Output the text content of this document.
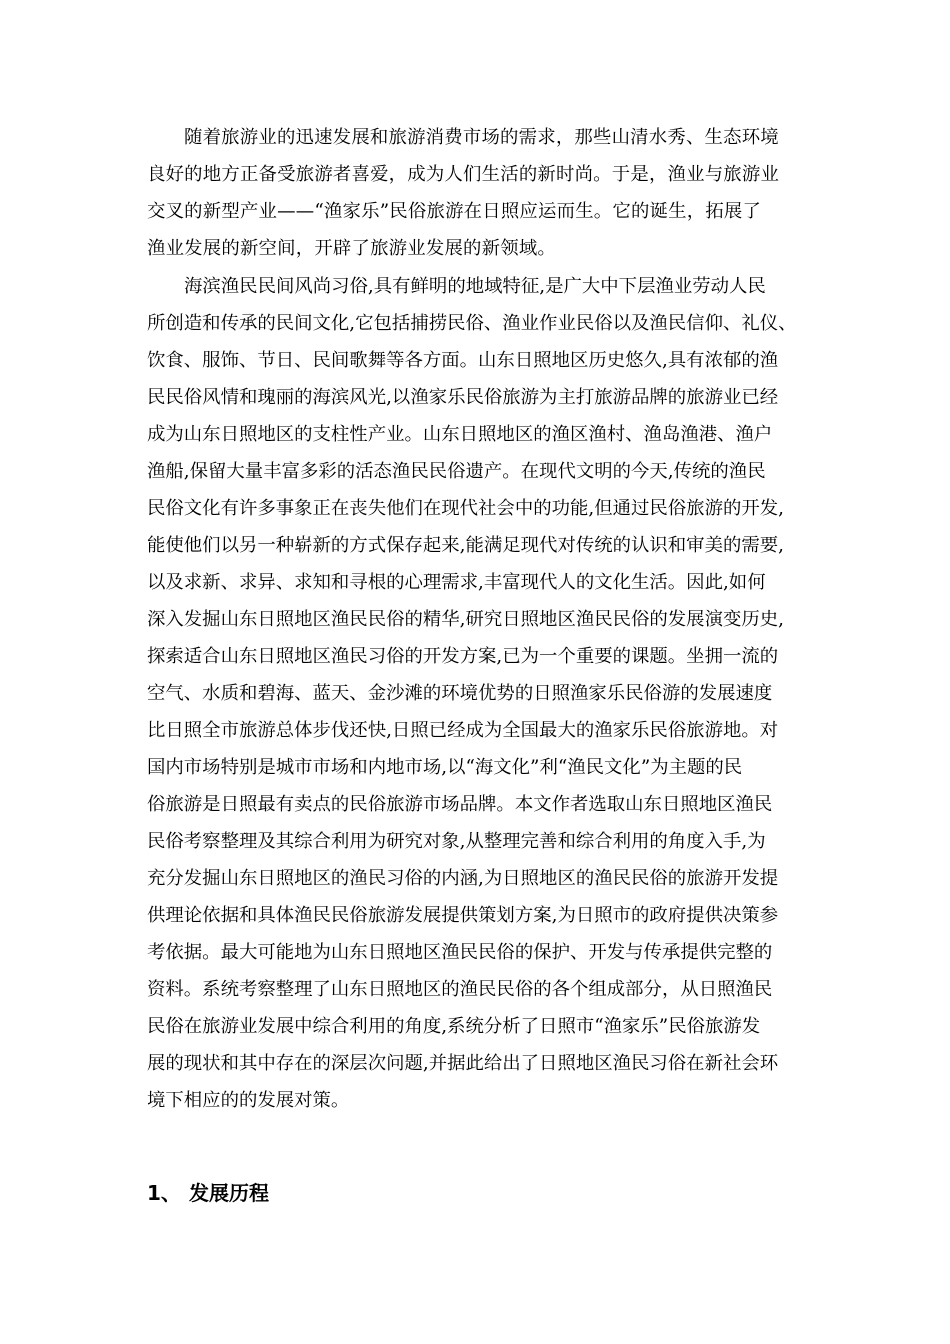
随着旅游业的迅速发展和旅游消费市场的需求，那些山清水秀、生态环境
良好的地方正备受旅游者喜爱，成为人们生活的新时尚。于是，渔业与旅游业
交叉的新型产业——“渔家乐”民俗旅游在日照应运而生。它的诞生，拓展了
渔业发展的新空间，开辟了旅游业发展的新领域。
海滨渔民民间风尚习俗,具有鲜明的地域特征,是广大中下层渔业劳动人民
所创造和传承的民间文化,它包括捕捞民俗、渔业作业民俗以及渔民信仰、礼仪、
饮食、服饰、节日、民间歌舞等各方面。山东日照地区历史悠久,具有浓郁的渔
民民俗风情和瑰丽的海滨风光,以渔家乐民俗旅游为主打旅游品牌的旅游业已经
成为山东日照地区的支柱性产业。山东日照地区的渔区渔村、渔岛渔港、渔户
渔船,保留大量丰富多彩的活态渔民民俗遗产。在现代文明的今天,传统的渔民
民俗文化有许多事象正在丧失他们在现代社会中的功能,但通过民俗旅游的开发,
能使他们以另一种崭新的方式保存起来,能满足现代对传统的认识和审美的需要,
以及求新、求异、求知和寻根的心理需求,丰富现代人的文化生活。因此,如何
深入发掘山东日照地区渔民民俗的精华,研究日照地区渔民民俗的发展演变历史,
探索适合山东日照地区渔民习俗的开发方案,已为一个重要的课题。坐拥一流的
空气、水质和碧海、蓝天、金沙滩的环境优势的日照渔家乐民俗游的发展速度
比日照全市旅游总体步伐还快,日照已经成为全国最大的渔家乐民俗旅游地。对
国内市场特别是城市市场和内地市场,以“海文化”利“渔民文化”为主题的民
俗旅游是日照最有卖点的民俗旅游市场品牌。本文作者选取山东日照地区渔民
民俗考察整理及其综合利用为研究对象,从整理完善和综合利用的角度入手,为
充分发掘山东日照地区的渔民习俗的内涵,为日照地区的渔民民俗的旅游开发提
供理论依据和具体渔民民俗旅游发展提供策划方案,为日照市的政府提供决策参
考依据。最大可能地为山东日照地区渔民民俗的保护、开发与传承提供完整的
资料。系统考察整理了山东日照地区的渔民民俗的各个组成部分，从日照渔民
民俗在旅游业发展中综合利用的角度,系统分析了日照市“渔家乐”民俗旅游发
展的现状和其中存在的深层次问题,并据此给出了日照地区渔民习俗在新社会环
境下相应的的发展对策。
1、 发展历程
